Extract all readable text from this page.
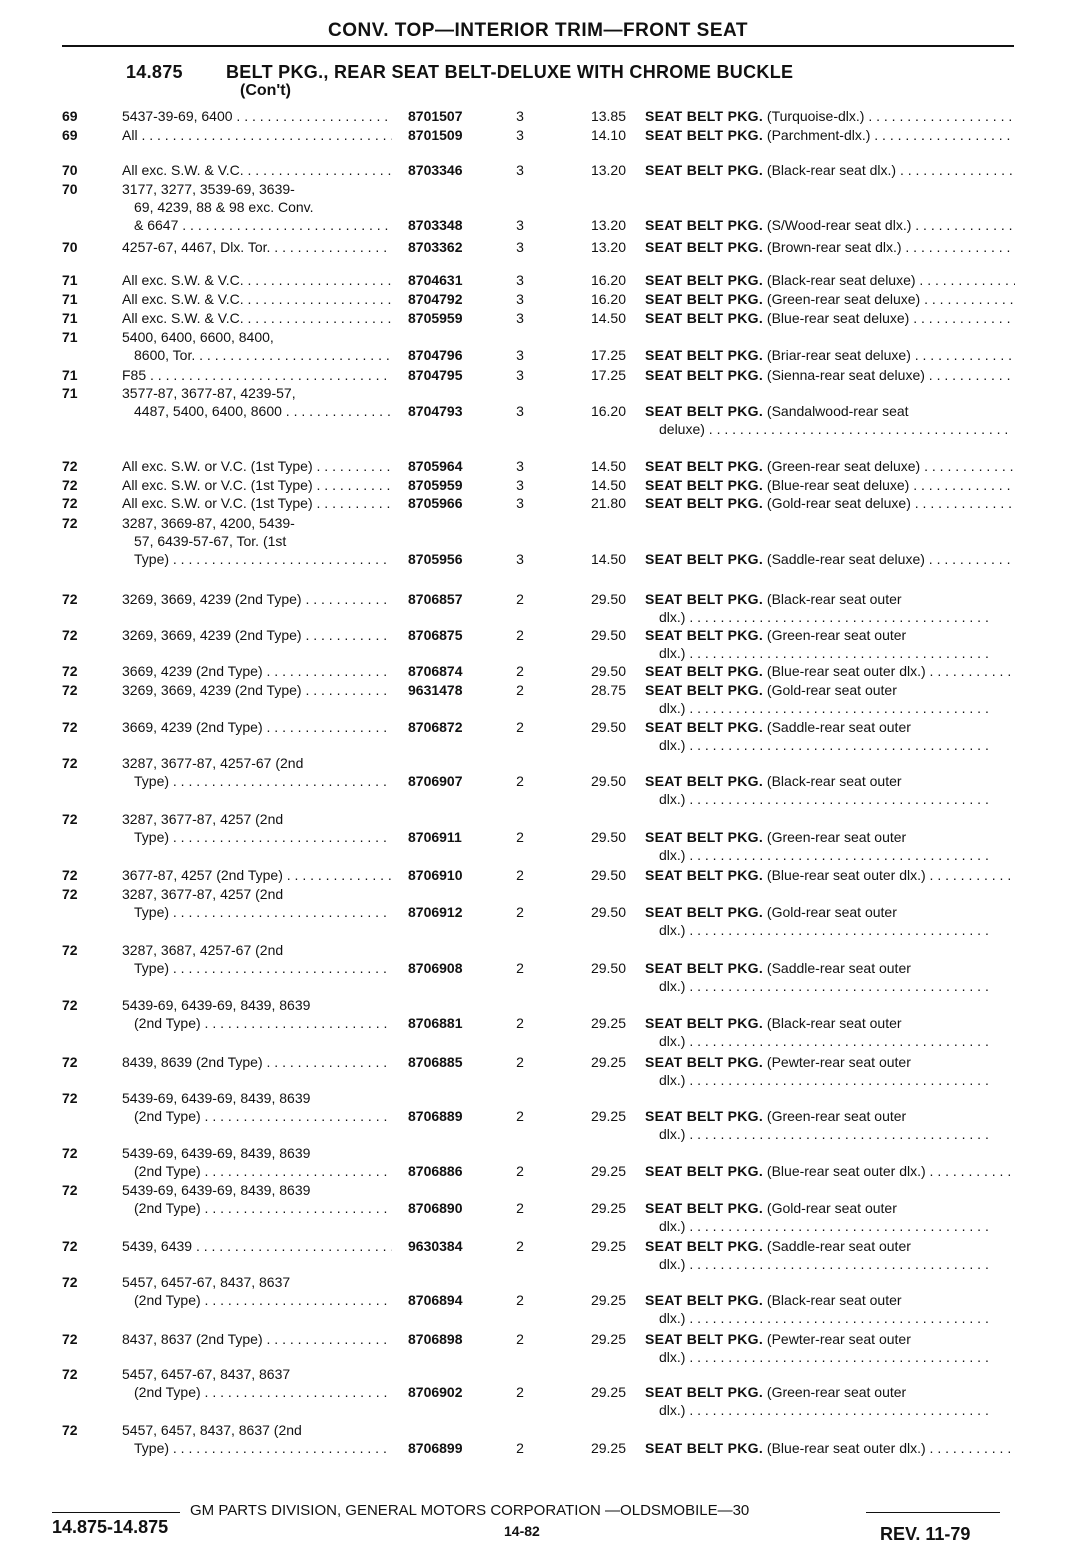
CONV. TOP—INTERIOR TRIM—FRONT SEAT
14.875 BELT PKG., REAR SEAT BELT-DELUXE WITH CHROME BUCKLE
(Con't)
69	5437-39-69, 6400 . . .	8701507	3	13.85 SEAT BELT PKG. (Turquoise-dlx.) . . .
69	All . . .	8701509	3	14.10 SEAT BELT PKG. (Parchment-dlx.) . . .
70	All exc. S.W. & V.C. . . .	8703346	3	13.20 SEAT BELT PKG. (Black-rear seat dlx.) . . .
70	3177, 3277, 3539-69, 3639-
69, 4239, 88 & 98 exc. Conv.
& 6647 . . .	8703348	3	13.20 SEAT BELT PKG. (S/Wood-rear seat dlx.) . . .
70	4257-67, 4467, Dlx. Tor. . . .	8703362	3	13.20 SEAT BELT PKG. (Brown-rear seat dlx.) . . .
71	All exc. S.W. & V.C. . . .	8704631	3	16.20 SEAT BELT PKG. (Black-rear seat deluxe) . . .
71	All exc. S.W. & V.C. . . .	8704792	3	16.20 SEAT BELT PKG. (Green-rear seat deluxe) . . .
71	All exc. S.W. & V.C. . . .	8705959	3	14.50 SEAT BELT PKG. (Blue-rear seat deluxe) . . .
71	5400, 6400, 6600, 8400,
8600, Tor. . . .	8704796	3	17.25 SEAT BELT PKG. (Briar-rear seat deluxe) . . .
71	F85 . . .	8704795	3	17.25 SEAT BELT PKG. (Sienna-rear seat deluxe) . . .
71	3577-87, 3677-87, 4239-57,
4487, 5400, 6400, 8600 . . .	8704793	3	16.20 SEAT BELT PKG. (Sandalwood-rear seat
deluxe) . . .
72	All exc. S.W. or V.C. (1st Type) . . .	8705964	3	14.50 SEAT BELT PKG. (Green-rear seat deluxe) . . .
72	All exc. S.W. or V.C. (1st Type) . . .	8705959	3	14.50 SEAT BELT PKG. (Blue-rear seat deluxe) . . .
72	All exc. S.W. or V.C. (1st Type) . . .	8705966	3	21.80 SEAT BELT PKG. (Gold-rear seat deluxe) . . .
72	3287, 3669-87, 4200, 5439-
57, 6439-57-67, Tor. (1st
Type) . . .	8705956	3	14.50 SEAT BELT PKG. (Saddle-rear seat deluxe) . . .
72	3269, 3669, 4239 (2nd Type) . . .	8706857	2	29.50 SEAT BELT PKG. (Black-rear seat outer
dlx.) . . .
72	3269, 3669, 4239 (2nd Type) . . .	8706875	2	29.50 SEAT BELT PKG. (Green-rear seat outer
dlx.) . . .
72	3669, 4239 (2nd Type) . . .	8706874	2	29.50 SEAT BELT PKG. (Blue-rear seat outer dlx.) . . .
72	3269, 3669, 4239 (2nd Type) . . .	9631478	2	28.75 SEAT BELT PKG. (Gold-rear seat outer
dlx.) . . .
72	3669, 4239 (2nd Type) . . .	8706872	2	29.50 SEAT BELT PKG. (Saddle-rear seat outer
dlx.) . . .
72	3287, 3677-87, 4257-67 (2nd
Type) . . .	8706907	2	29.50 SEAT BELT PKG. (Black-rear seat outer
dlx.) . . .
72	3287, 3677-87, 4257 (2nd
Type) . . .	8706911	2	29.50 SEAT BELT PKG. (Green-rear seat outer
dlx.) . . .
72	3677-87, 4257 (2nd Type) . . .	8706910	2	29.50 SEAT BELT PKG. (Blue-rear seat outer dlx.) . . .
72	3287, 3677-87, 4257 (2nd
Type) . . .	8706912	2	29.50 SEAT BELT PKG. (Gold-rear seat outer
dlx.) . . .
72	3287, 3687, 4257-67 (2nd
Type) . . .	8706908	2	29.50 SEAT BELT PKG. (Saddle-rear seat outer
dlx.) . . .
72	5439-69, 6439-69, 8439, 8639
(2nd Type) . . .	8706881	2	29.25 SEAT BELT PKG. (Black-rear seat outer
dlx.) . . .
72	8439, 8639 (2nd Type) . . .	8706885	2	29.25 SEAT BELT PKG. (Pewter-rear seat outer
dlx.) . . .
72	5439-69, 6439-69, 8439, 8639
(2nd Type) . . .	8706889	2	29.25 SEAT BELT PKG. (Green-rear seat outer
dlx.) . . .
72	5439-69, 6439-69, 8439, 8639
(2nd Type) . . .	8706886	2	29.25 SEAT BELT PKG. (Blue-rear seat outer dlx.) . . .
72	5439-69, 6439-69, 8439, 8639
(2nd Type) . . .	8706890	2	29.25 SEAT BELT PKG. (Gold-rear seat outer
dlx.) . . .
72	5439, 6439 . . .	9630384	2	29.25 SEAT BELT PKG. (Saddle-rear seat outer
dlx.) . . .
72	5457, 6457-67, 8437, 8637
(2nd Type) . . .	8706894	2	29.25 SEAT BELT PKG. (Black-rear seat outer
dlx.) . . .
72	8437, 8637 (2nd Type) . . .	8706898	2	29.25 SEAT BELT PKG. (Pewter-rear seat outer
dlx.) . . .
72	5457, 6457-67, 8437, 8637
(2nd Type) . . .	8706902	2	29.25 SEAT BELT PKG. (Green-rear seat outer
dlx.) . . .
72	5457, 6457, 8437, 8637 (2nd
Type) . . .	8706899	2	29.25 SEAT BELT PKG. (Blue-rear seat outer dlx.) . . .
GM PARTS DIVISION, GENERAL MOTORS CORPORATION —OLDSMOBILE—30
14.875-14.875	14-82	REV. 11-79
